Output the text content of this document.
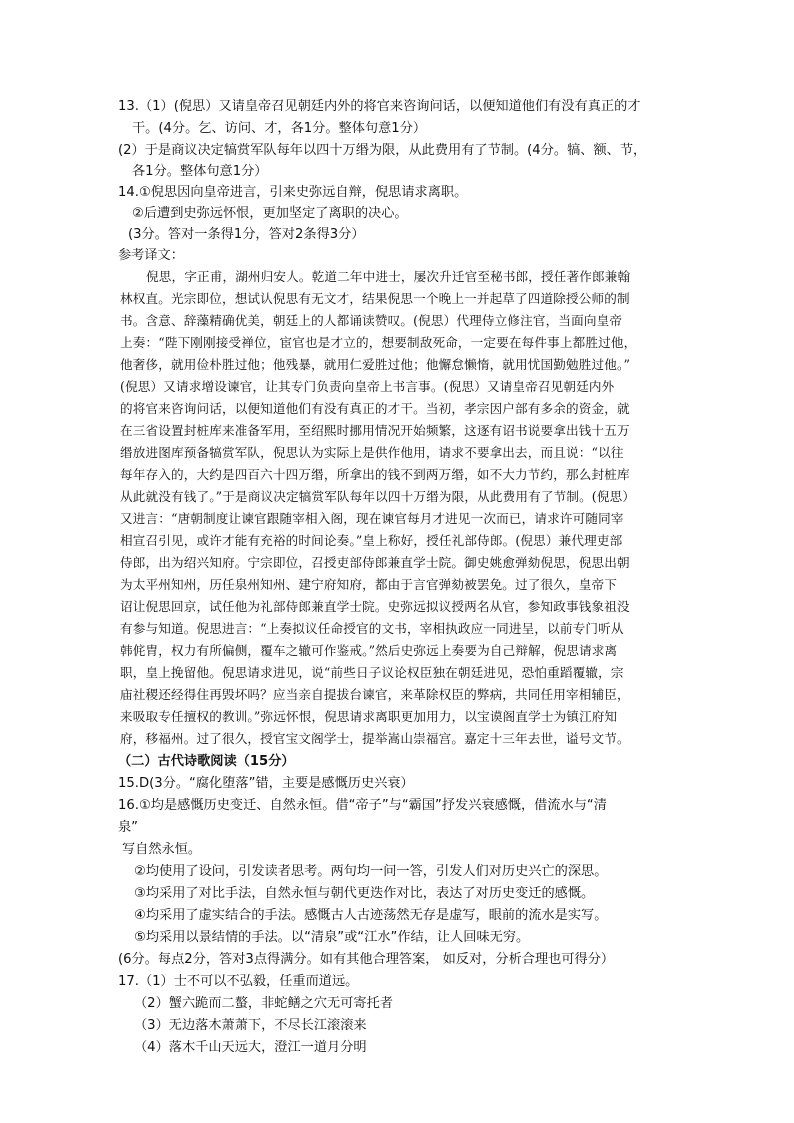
13.（1）(倪思）又请皇帝召见朝廷内外的将官来咨询问话，以便知道他们有没有真正的才
干。(4分。乞、访问、才，各1分。整体句意1分）
(2）于是商议决定犒赏军队每年以四十万缗为限，从此费用有了节制。(4分。犒、额、节，
各1分。整体句意1分）
14.①倪思因向皇帝进言，引来史弥远自辩，倪思请求离职。
②后遭到史弥远怀恨，更加坚定了离职的决心。
(3分。答对一条得1分，答对2条得3分）
参考译文：
倪思，字正甫，湖州归安人。乾道二年中进士，屡次升迁官至秘书郎，授任著作郎兼翰
林权直。光宗即位，想试认倪思有无文才，结果倪思一个晚上一并起草了四道除授公师的制
书。含意、辞藻精确优美，朝廷上的人都诵读赞叹。(倪思）代理侍立修注官，当面向皇帝
上奏：“陛下刚刚接受禅位，宦官也是才立的，想要制敌死命，一定要在每件事上都胜过他，
他奢侈，就用俭朴胜过他；他残暴，就用仁爱胜过他；他懈怠懒惰，就用忧国勤勉胜过他。”
(倪思）又请求增设谏官，让其专门负责向皇帝上书言事。(倪思）又请皇帝召见朝廷内外
的将官来咨询问话，以便知道他们有没有真正的才干。当初，孝宗因户部有多余的资金，就
在三省设置封桩库来准备军用，至绍熙时挪用情况开始频繁，这逐有诏书说要拿出钱十五万
缗放进图库预备犒赏军队，倪思认为实际上是供作他用，请求不要拿出去，而且说：“以往
每年存入的，大约是四百六十四万缗，所拿出的钱不到两万缗，如不大力节约，那么封桩库
从此就没有钱了。”于是商议决定犒赏军队每年以四十万缗为限，从此费用有了节制。(倪思）
又进言：“唐朝制度让谏官跟随宰相入阁，现在谏官每月才进见一次而已，请求许可随同宰
相宣召引见，或许才能有充裕的时间论奏。”皇上称好，授任礼部侍郎。(倪思）兼代理吏部
侍郎，出为绍兴知府。宁宗即位，召授吏部侍郎兼直学士院。御史姚愈弹劾倪思，倪思出朝
为太平州知州，历任泉州知州、建宁府知府，都由于言官弹劾被罢免。过了很久，皇帝下
诏让倪思回京，试任他为礼部侍郎兼直学士院。史弥远拟议授两名从官，参知政事钱象祖没
有参与知道。倪思进言：“上奏拟议任命授官的文书，宰相执政应一同进呈，以前专门听从
韩侂胄，权力有所偏侧，覆车之辙可作鉴戒。”然后史弥远上奏要为自己辩解，倪思请求离
职，皇上挽留他。倪思请求进见，说“前些日子议论权臣独在朝廷进见，恐怕重蹈覆辙，宗
庙社稷还经得住再毁坏吗？应当亲自提拔台谏官，来革除权臣的弊病，共同任用宰相辅臣，
来吸取专任擅权的教训。”弥远怀恨，倪思请求离职更加用力，以宝谟阁直学士为镇江府知
府，移福州。过了很久，授官宝文阁学士，提举嵩山崇福宫。嘉定十三年去世，谥号文节。
（二）古代诗歌阅读（15分）
15.D(3分。“腐化堕落”错，主要是感慨历史兴衰）
16.①均是感慨历史变迁、自然永恒。借“帝子”与“霸国”抒发兴衰感慨，借流水与“清
泉”
写自然永恒。
②均使用了设问，引发读者思考。两句均一问一答，引发人们对历史兴亡的深思。
③均采用了对比手法，自然永恒与朝代更迭作对比，表达了对历史变迁的感慨。
④均采用了虚实结合的手法。感慨古人古迹荡然无存是虚写，眼前的流水是实写。
⑤均采用以景结情的手法。以“清泉”或“江水”作结，让人回味无穷。
(6分。每点2分，答对3点得满分。如有其他合理答案， 如反对，分析合理也可得分）
17.（1）士不可以不弘毅，任重而道远。
（2）蟹六跪而二螯，非蛇鳝之穴无可寄托者
（3）无边落木萧萧下，不尽长江滚滚来
（4）落木千山天远大，澄江一道月分明
